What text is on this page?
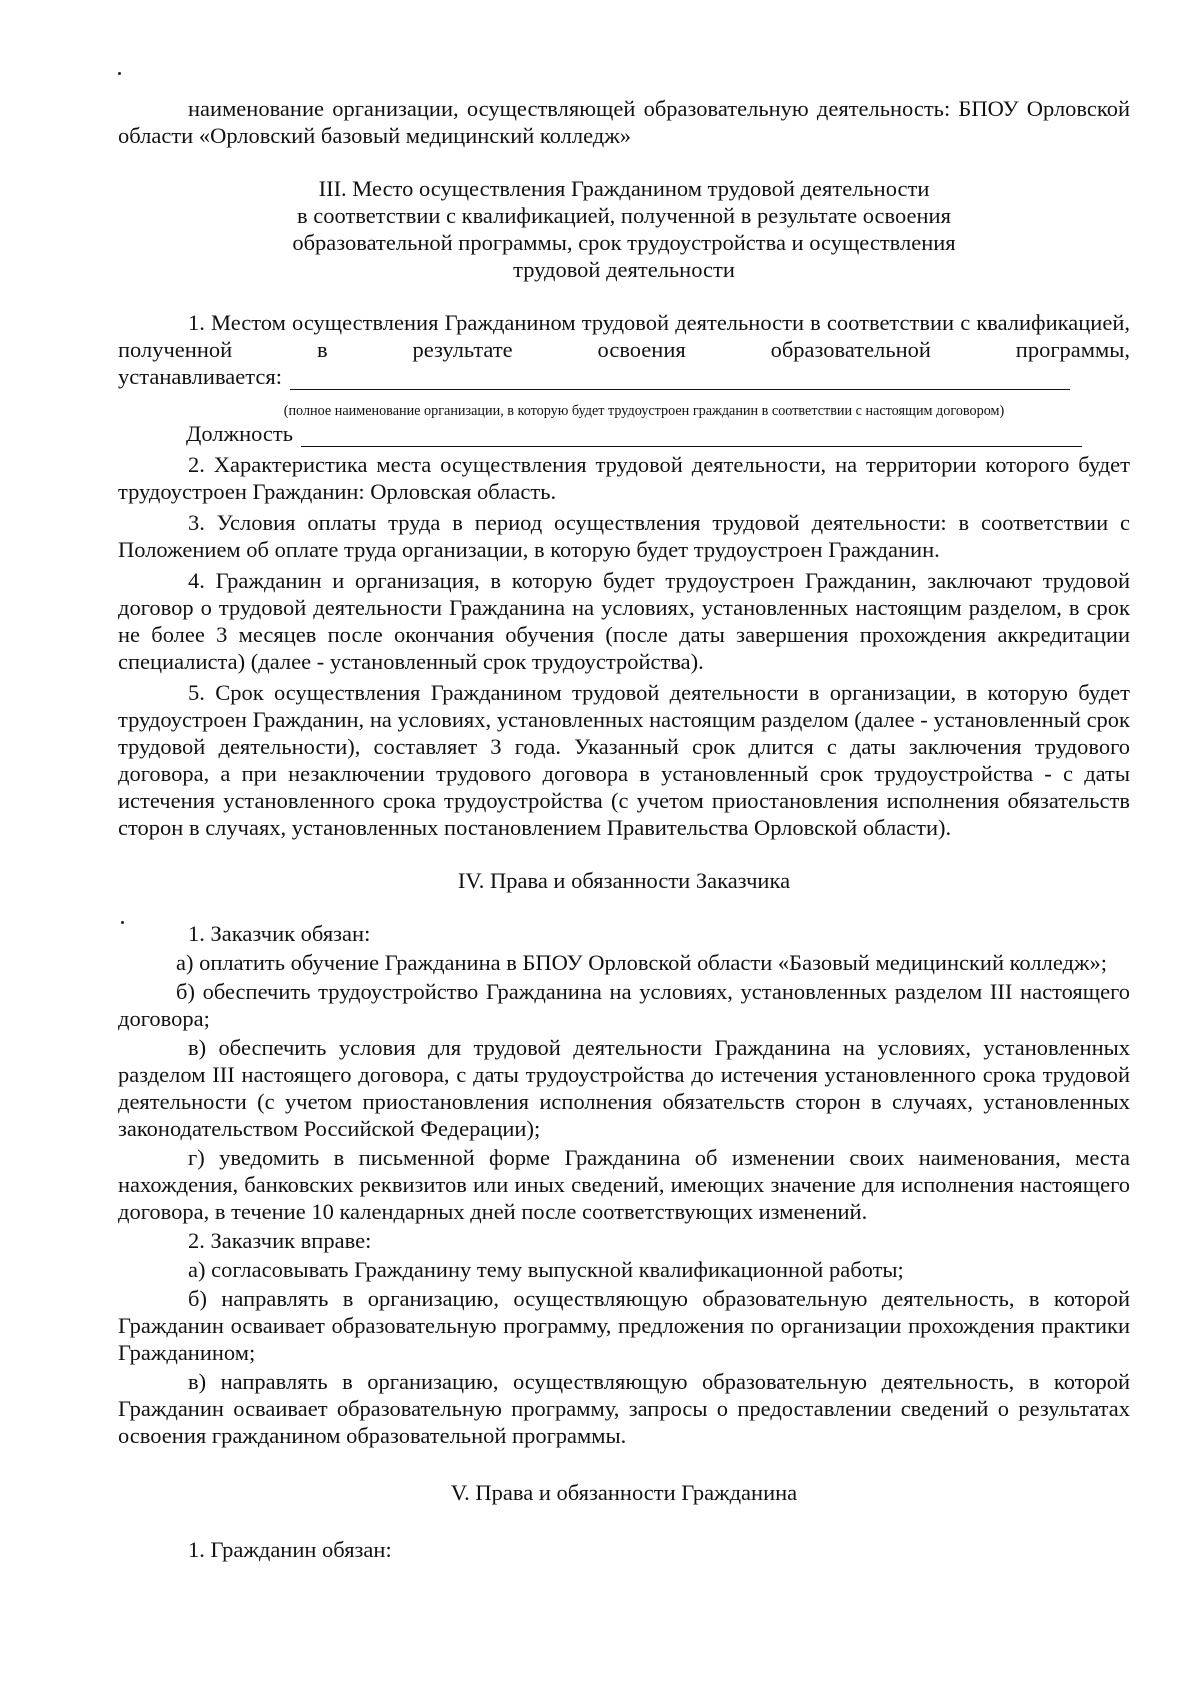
наименование организации, осуществляющей образовательную деятельность: БПОУ Орловской области «Орловский базовый медицинский колледж»

III. Место осуществления Гражданином трудовой деятельности

в соответствии с квалификацией, полученной в результате освоения

образовательной программы, срок трудоустройства и осуществления

трудовой деятельности

1. Местом осуществления Гражданином трудовой деятельности в соответствии с квалификацией, полученной в результате освоения образовательной программы,

устанавливается:

(полное наименование организации, в которую будет трудоустроен гражданин в соответствии с настоящим договором)

Должность

2. Характеристика места осуществления трудовой деятельности, на территории которого будет трудоустроен Гражданин: Орловская область.

3. Условия оплаты труда в период осуществления трудовой деятельности: в соответствии с Положением об оплате труда организации, в которую будет трудоустроен Гражданин.

4. Гражданин и организация, в которую будет трудоустроен Гражданин, заключают трудовой договор о трудовой деятельности Гражданина на условиях, установленных настоящим разделом, в срок не более 3 месяцев после окончания обучения (после даты завершения прохождения аккредитации специалиста) (далее - установленный срок трудоустройства).

5. Срок осуществления Гражданином трудовой деятельности в организации, в которую будет трудоустроен Гражданин, на условиях, установленных настоящим разделом (далее - установленный срок трудовой деятельности), составляет 3 года. Указанный срок длится с даты заключения трудового договора, а при незаключении трудового договора в установленный срок трудоустройства - с даты истечения установленного срока трудоустройства (с учетом приостановления исполнения обязательств сторон в случаях, установленных постановлением Правительства Орловской области).

IV. Права и обязанности Заказчика

1. Заказчик обязан:

а) оплатить обучение Гражданина в БПОУ Орловской области «Базовый медицинский колледж»;

б) обеспечить трудоустройство Гражданина на условиях, установленных разделом III настоящего договора;

в) обеспечить условия для трудовой деятельности Гражданина на условиях, установленных разделом III настоящего договора, с даты трудоустройства до истечения установленного срока трудовой деятельности (с учетом приостановления исполнения обязательств сторон в случаях, установленных законодательством Российской Федерации);

г) уведомить в письменной форме Гражданина об изменении своих наименования, места нахождения, банковских реквизитов или иных сведений, имеющих значение для исполнения настоящего договора, в течение 10 календарных дней после соответствующих изменений.

2. Заказчик вправе:

а) согласовывать Гражданину тему выпускной квалификационной работы;

б) направлять в организацию, осуществляющую образовательную деятельность, в которой Гражданин осваивает образовательную программу, предложения по организации прохождения практики Гражданином;

в) направлять в организацию, осуществляющую образовательную деятельность, в которой Гражданин осваивает образовательную программу, запросы о предоставлении сведений о результатах освоения гражданином образовательной программы.

V. Права и обязанности Гражданина

1. Гражданин обязан:
